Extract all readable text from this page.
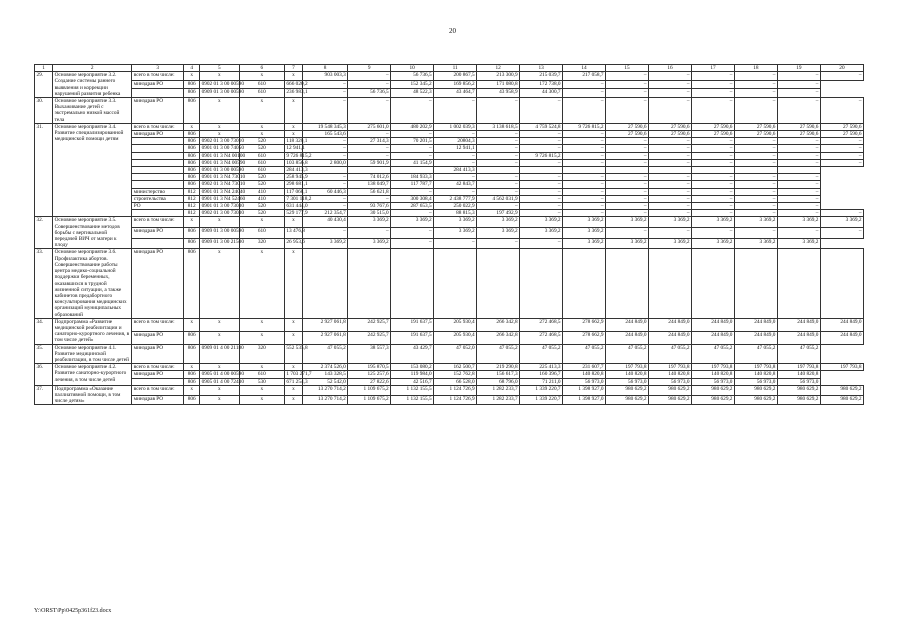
20
1	2	3	4	5	6	7	8	9	10	11	12	13	14	15	16	17	18	19	20
29.	Основное мероприятие 3.2. Создание системы раннего выявления и коррекции нарушений развития ребенка	всего в том числе:	х	х	х	х	903 003,3	–	56 736,5	200 867,5	213 300,9	215 039,7	217 058,7	–	–	–	–	–	–
		минздрав РО	806	0902 01 3 00 00590	610	666 020,2	–	–	152 345,2	169 856,2	171 080,8	172 738,0	–	–	–	–	–	–	
			806	0909 01 3 00 00590	610	236 983,1	–	56 736,5	48 522,3	43 464,7	43 958,9	44 300,7	–	–	–	–	–	–	
30.	Основное мероприятие 3.3. Выхаживание детей с экстремально низкой массой тела	минздрав РО	806	х	х	х	–	–	–	–	–	–	–	–	–	–	–	–	–
31.	Основное мероприятие 3.4. Развитие специализированной медицинской помощи детям	всего в том числе:	х	х	х	х	19 548 345,3	275 601,0	480 202,9	1 002 039,3	3 138 618,5	4 759 524,8	9 726 815,2	27 590,6	27 590,6	27 590,6	27 590,6	27 590,6	27 590,6
		минздрав РО	806	х	х	х	165 543,6	–	–	–	–	–	–	27 590,6	27 590,6	27 590,6	27 590,6	27 590,6	27 590,6
			806	0902 01 3 00 73010	520	118 320,1	–	27 314,3	70 201,5	20804,3	–	–	–	–	–	–	–	–	–
			806	0901 01 3 00 74050	520	12 941,1	–	–	–	12 941,1	–	–	–	–	–	–	–	–	–
			806	0901 01 3 N4 00100	610	9 726 815,2	–	–	–	–	–	9 726 815,2	–	–	–	–	–	–	–
			806	0901 01 3 N4 00590	610	103 856,8	2 800,0	59 901,9	41 154,9	–	–	–	–	–	–	–	–	–	–
			806	0901 01 3 00 00590	610	284 413,3				284 413,3									
			806	0901 01 3 N4 73010	520	258 945,9	–	74 012,6	184 933,3	–	–	–	–	–	–	–	–	–	
			806	0902 01 3 N4 73010	520	298 681,1	–	138 049,7	117 787,7	42 843,7	–	–	–	–	–	–	–	–	
		министерство	812	0901 01 3 N4 24040	410	117 068,1	60 446,3	56 621,8	–	–	–	–	–	–	–	–	–	–	
		строительства	812	0901 01 3 N4 52460	410	7 301 118,2	–	–	300 308,4	2 438 777,9	4 562 031,9	–	–	–	–	–	–	–	
		РО	812	0901 01 3 00 73030	520	631 444,0	–	93 767,6	287 653,5	250 022,9	–	–	–	–	–	–	–	–	
			812	0902 01 3 00 73030	520	529 177,9	212 354,7	30 515,0	–	88 815,3	197 492,9	–	–	–	–	–	–	–	–
32.	Основное мероприятие 3.5. Совершенствование методов борьбы с вертикальной передачей ВИЧ от матери к плоду	всего в том числе:	х	х	х	х	40 430,4	3 369,2	3 369,2	3 369,2	3 369,2	3 369,2	3 369,2	3 369,2	3 369,2	3 369,2	3 369,2	3 369,2	3 369,2
		минздрав РО	806	0909 01 3 00 00590	610	13 476,8	–	–	–	3 369,2	3 369,2	3 369,2	3 369,2	–	–	–	–	–	–
			806	0909 01 3 00 21500	320	26 953,6	3 369,2	3 369,2	–	–	–	–	3 369,2	3 369,2	3 369,2	3 369,2	3 369,2	3 369,2	
33.	Основное мероприятие 3.6. Профилактика абортов. Совершенствование работы центра медико-социальной поддержки беременных, оказавшихся в трудной жизненной ситуации, а также кабинетов предабортного консультирования медицинских организаций муниципальных образований	минздрав РО	806	х	х	х													
34.	Подпрограмма «Развитие медицинской реабилитации и санаторно-курортного лечения, в том числе детей»	всего в том числе:	х	х	х	х	2 927 061,8	242 925,7	191 637,5	205 930,4	266 342,8	272 468,5	278 662,9	244 849,0	244 849,0	244 849,0	244 849,0	244 849,0	244 849,0
		минздрав РО	806	х	х	х	2 927 061,8	242 925,7	191 637,5	205 930,4	266 342,8	272 468,5	278 662,9	244 849,0	244 849,0	244 849,0	244 849,0	244 849,0	244 849,0
35.	Основное мероприятие 4.1. Развитие медицинской реабилитации, в том числе детей	минздрав РО	806	0909 01 4 00 21180	320	552 535,8	47 055,2	38 557,3	43 429,7	47 052,0	47 055,2	47 055,2	47 055,2	47 055,2	47 055,2	47 055,2	47 055,2	47 055,2	
36.	Основное мероприятие 4.2. Развитие санаторно-курортного лечения, в том числе детей	всего в том числе:	х	х	х	х	2 374 526,0	195 870,5	153 080,2	162 500,7	219 290,8	225 413,3	231 607,7	197 793,8	197 793,8	197 793,8	197 793,8	197 793,8	197 793,8
		минздрав РО	806	0905 01 4 00 00590	610	1 703 271,7	143 328,5	125 257,6	119 984,0	152 762,8	156 617,3	160 396,7	140 820,8	140 820,8	140 820,8	140 820,8	140 820,8	140 820,8	
			806	0905 01 4 00 72430	530	671 254,3	52 542,0	27 822,6	42 516,7	66 528,0	68 796,0	71 211,0	56 973,0	56 973,0	56 973,0	56 973,0	56 973,0	56 973,0	
37.	Подпрограмма «Оказание паллиативной помощи, в том числе детям»	всего в том числе:	х	х	х	х	13 270 714,2	1 109 675,2	1 132 155,5	1 124 726,9	1 282 233,7	1 339 220,7	1 398 927,0	980 629,2	980 629,2	980 629,2	980 629,2	980 629,2	980 629,2
		минздрав РО	806	х	х	х	13 270 714,2	1 109 675,2	1 132 155,5	1 124 726,9	1 282 233,7	1 339 220,7	1 398 927,0	980 629,2	980 629,2	980 629,2	980 629,2	980 629,2	980 629,2
Y:\ORST\Pp\0425p361f23.docx
